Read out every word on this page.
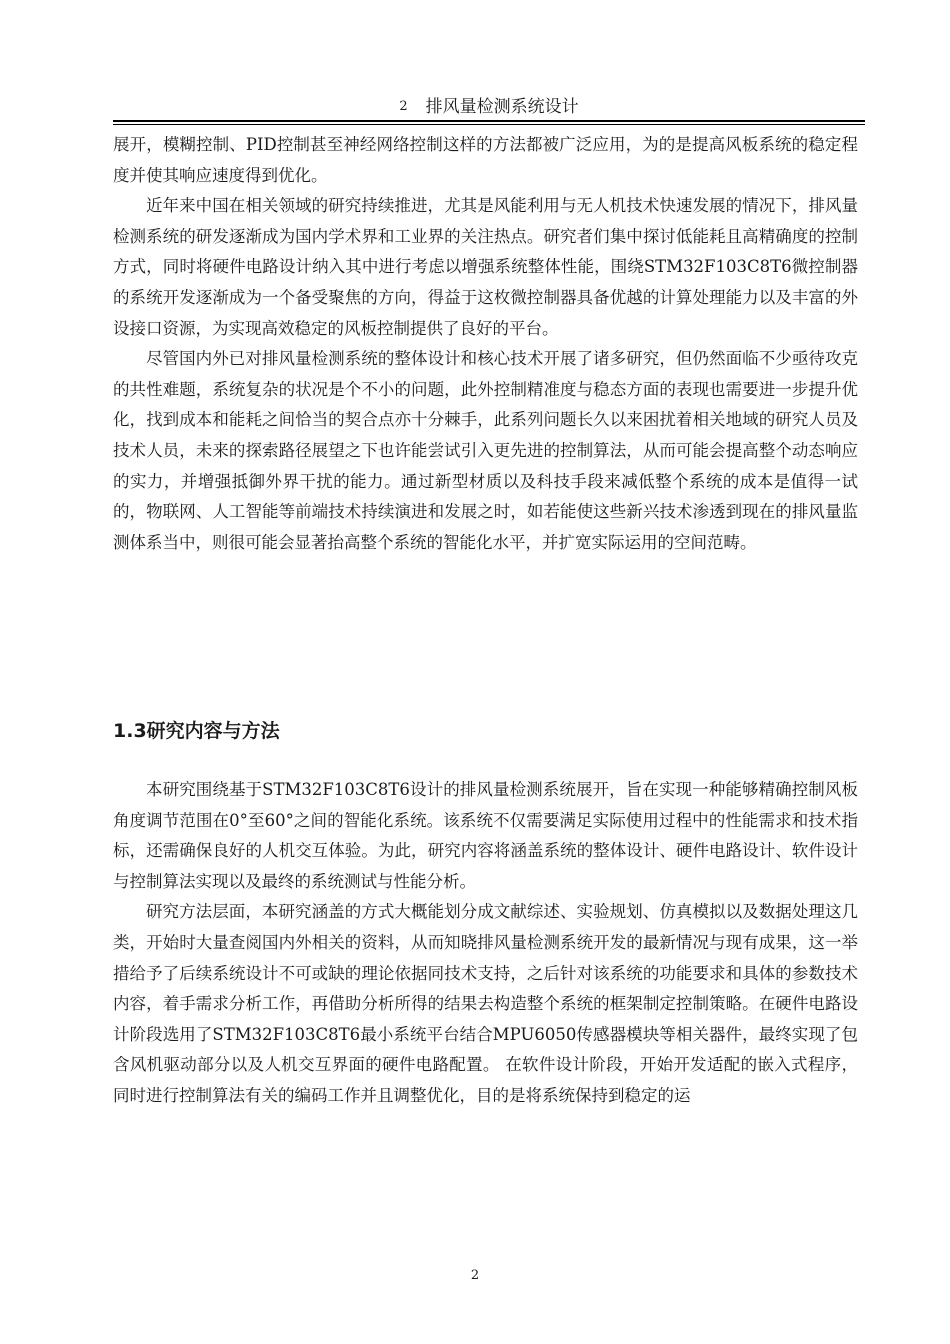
2 排风量检测系统设计

展开，模糊控制、PID控制甚至神经网络控制这样的方法都被广泛应用，为的是提高风板系统的稳定程度并使其响应速度得到优化。

近年来中国在相关领域的研究持续推进，尤其是风能利用与无人机技术快速发展的情况下，排风量检测系统的研发逐渐成为国内学术界和工业界的关注热点。研究者们集中探讨低能耗且高精确度的控制方式，同时将硬件电路设计纳入其中进行考虑以增强系统整体性能，围绕STM32F103C8T6微控制器的系统开发逐渐成为一个备受聚焦的方向，得益于这枚微控制器具备优越的计算处理能力以及丰富的外设接口资源，为实现高效稳定的风板控制提供了良好的平台。

尽管国内外已对排风量检测系统的整体设计和核心技术开展了诸多研究，但仍然面临不少亟待攻克的共性难题，系统复杂的状况是个不小的问题，此外控制精准度与稳态方面的表现也需要进一步提升优化，找到成本和能耗之间恰当的契合点亦十分棘手，此系列问题长久以来困扰着相关地域的研究人员及技术人员，未来的探索路径展望之下也许能尝试引入更先进的控制算法，从而可能会提高整个动态响应的实力，并增强抵御外界干扰的能力。通过新型材质以及科技手段来减低整个系统的成本是值得一试的，物联网、人工智能等前端技术持续演进和发展之时，如若能使这些新兴技术渗透到现在的排风量监测体系当中，则很可能会显著抬高整个系统的智能化水平，并扩宽实际运用的空间范畴。

1.3研究内容与方法

本研究围绕基于STM32F103C8T6设计的排风量检测系统展开，旨在实现一种能够精确控制风板角度调节范围在0°至60°之间的智能化系统。该系统不仅需要满足实际使用过程中的性能需求和技术指标，还需确保良好的人机交互体验。为此，研究内容将涵盖系统的整体设计、硬件电路设计、软件设计与控制算法实现以及最终的系统测试与性能分析。

研究方法层面，本研究涵盖的方式大概能划分成文献综述、实验规划、仿真模拟以及数据处理这几类，开始时大量查阅国内外相关的资料，从而知晓排风量检测系统开发的最新情况与现有成果，这一举措给予了后续系统设计不可或缺的理论依据同技术支持，之后针对该系统的功能要求和具体的参数技术内容，着手需求分析工作，再借助分析所得的结果去构造整个系统的框架制定控制策略。在硬件电路设计阶段选用了STM32F103C8T6最小系统平台结合MPU6050传感器模块等相关器件，最终实现了包含风机驱动部分以及人机交互界面的硬件电路配置。 在软件设计阶段，开始开发适配的嵌入式程序，同时进行控制算法有关的编码工作并且调整优化，目的是将系统保持到稳定的运

2
